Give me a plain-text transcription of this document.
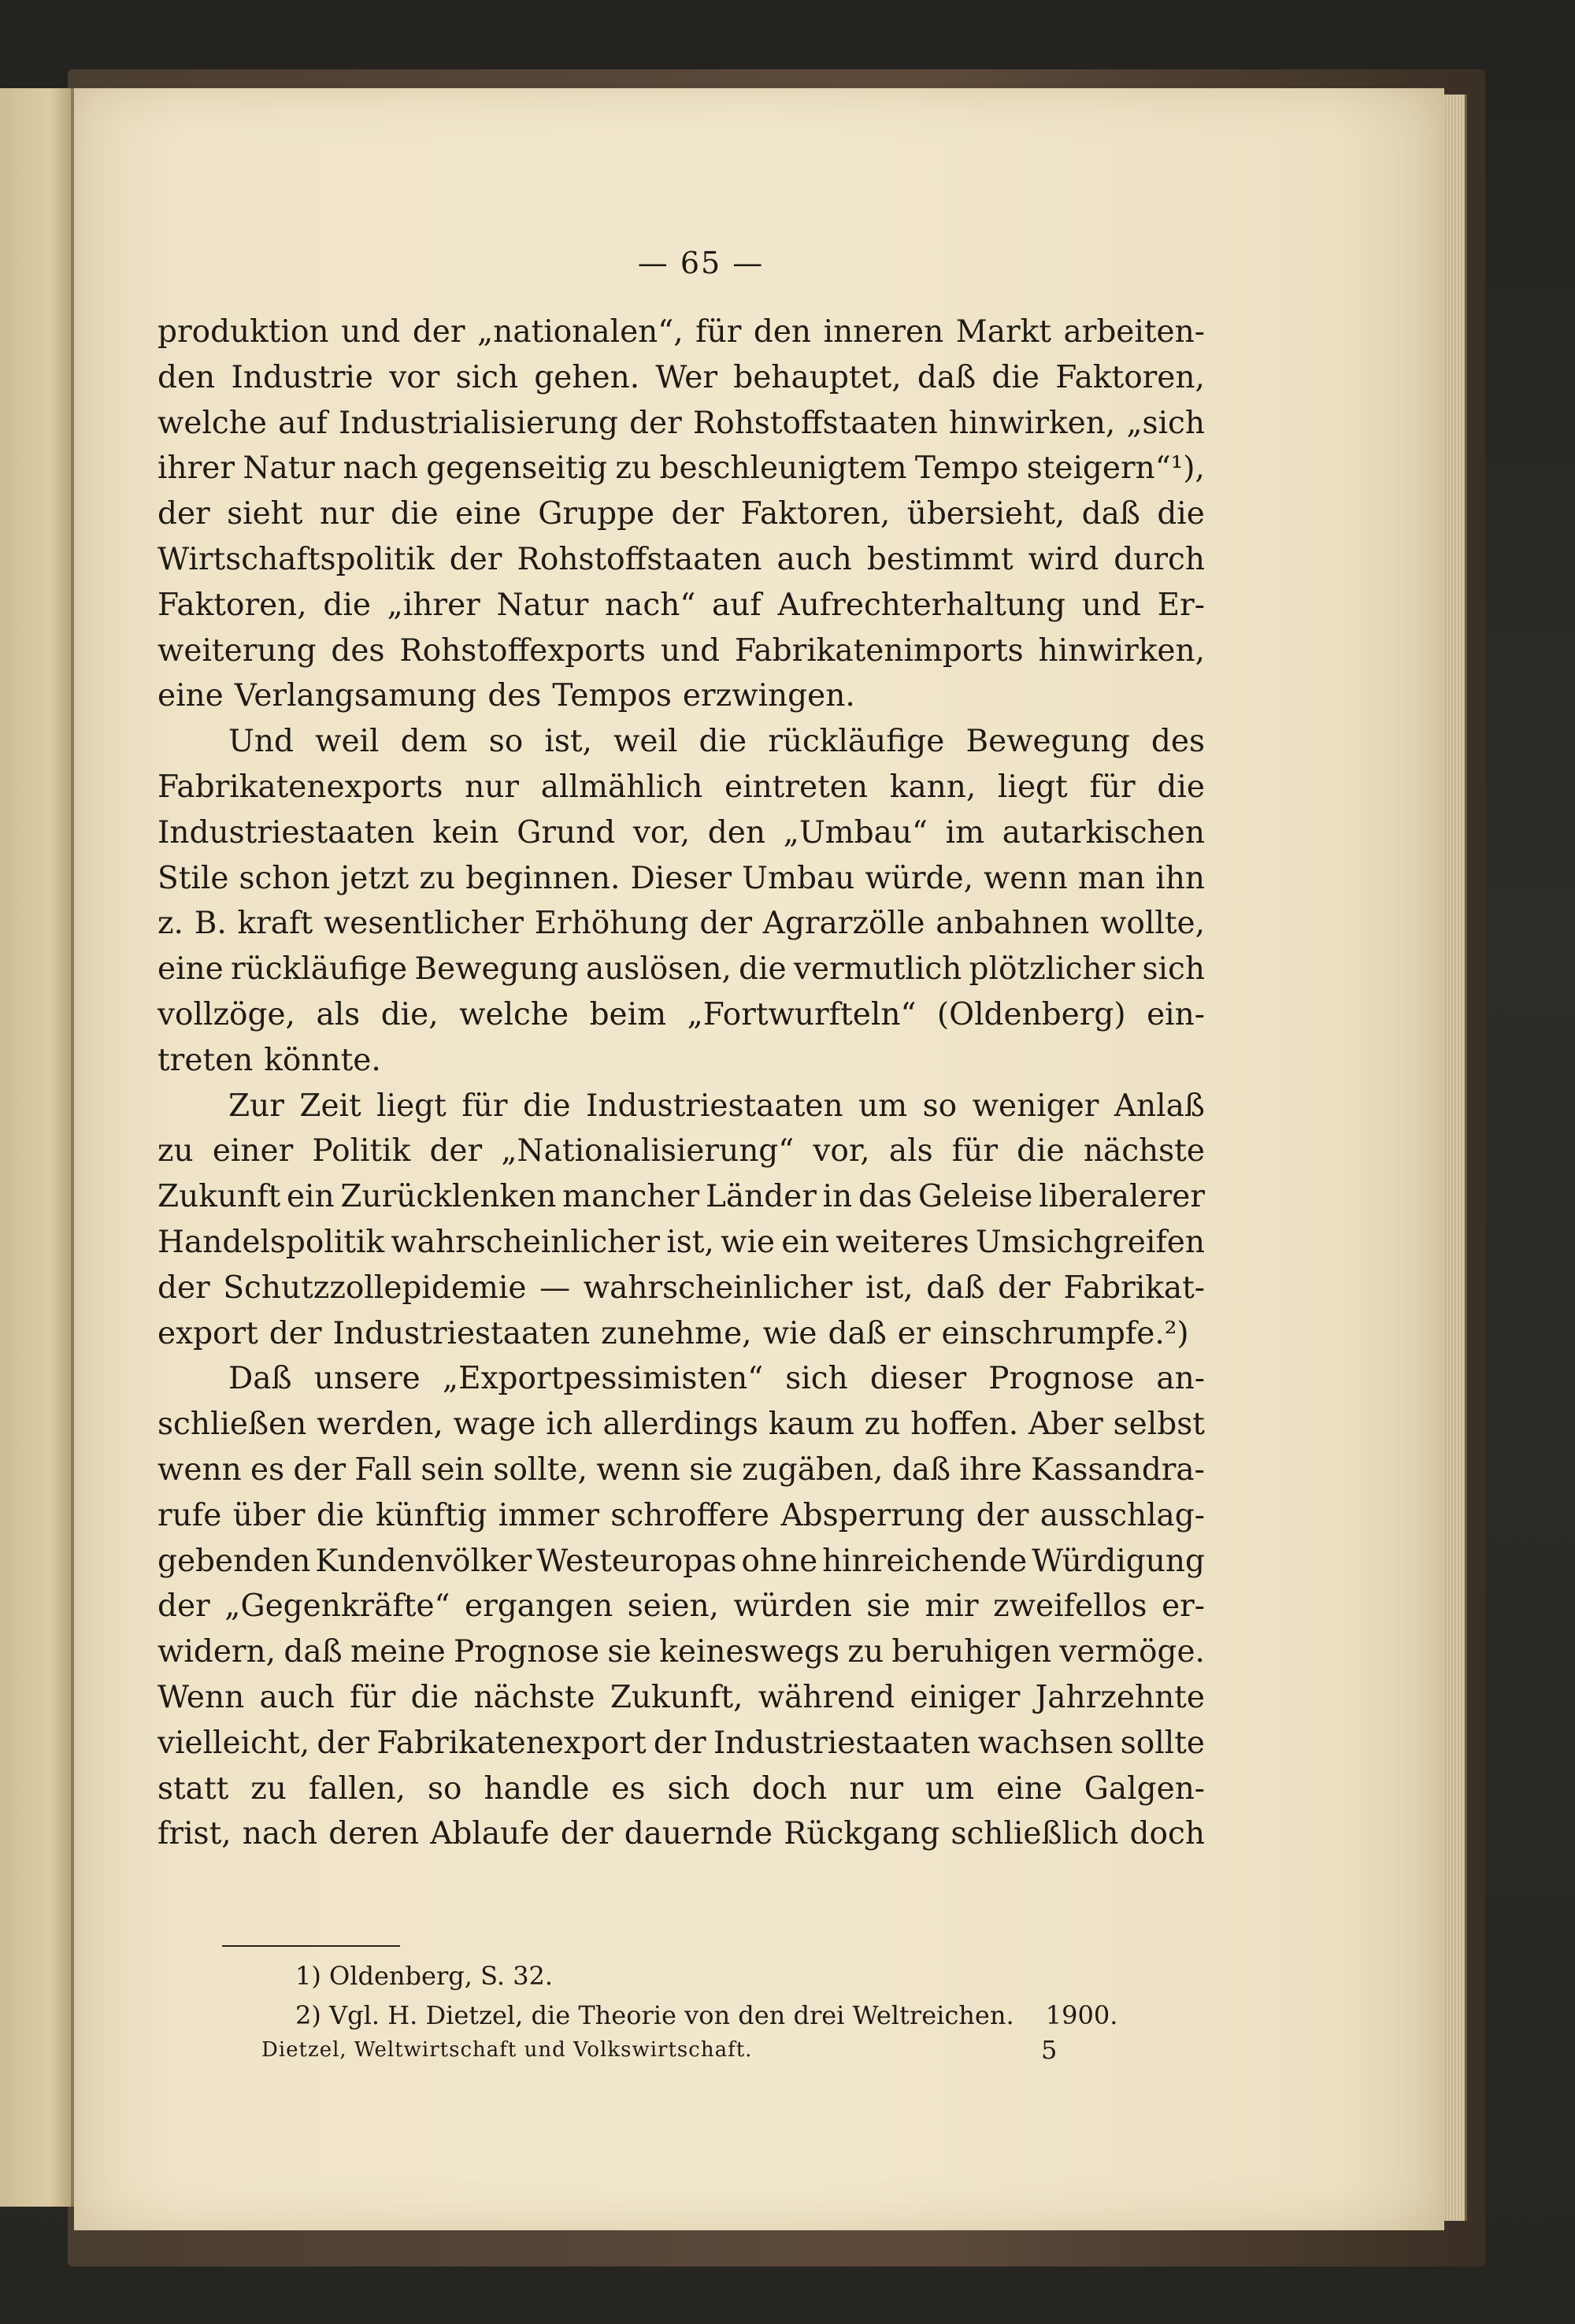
— 65 —
produktion und der „nationalen“, für den inneren Markt arbeiten-
den Industrie vor sich gehen. Wer behauptet, daß die Faktoren,
welche auf Industrialisierung der Rohstoffstaaten hinwirken, „sich
ihrer Natur nach gegenseitig zu beschleunigtem Tempo steigern“¹),
der sieht nur die eine Gruppe der Faktoren, übersieht, daß die
Wirtschaftspolitik der Rohstoffstaaten auch bestimmt wird durch
Faktoren, die „ihrer Natur nach“ auf Aufrechterhaltung und Er-
weiterung des Rohstoffexports und Fabrikatenimports hinwirken,
eine Verlangsamung des Tempos erzwingen.
Und weil dem so ist, weil die rückläufige Bewegung des
Fabrikatenexports nur allmählich eintreten kann, liegt für die
Industriestaaten kein Grund vor, den „Umbau“ im autarkischen
Stile schon jetzt zu beginnen. Dieser Umbau würde, wenn man ihn
z. B. kraft wesentlicher Erhöhung der Agrarzölle anbahnen wollte,
eine rückläufige Bewegung auslösen, die vermutlich plötzlicher sich
vollzöge, als die, welche beim „Fortwurfteln“ (Oldenberg) ein-
treten könnte.
Zur Zeit liegt für die Industriestaaten um so weniger Anlaß
zu einer Politik der „Nationalisierung“ vor, als für die nächste
Zukunft ein Zurücklenken mancher Länder in das Geleise liberalerer
Handelspolitik wahrscheinlicher ist, wie ein weiteres Umsichgreifen
der Schutzzollepidemie — wahrscheinlicher ist, daß der Fabrikat-
export der Industriestaaten zunehme, wie daß er einschrumpfe.²)
Daß unsere „Exportpessimisten“ sich dieser Prognose an-
schließen werden, wage ich allerdings kaum zu hoffen. Aber selbst
wenn es der Fall sein sollte, wenn sie zugäben, daß ihre Kassandra-
rufe über die künftig immer schroffere Absperrung der ausschlag-
gebenden Kundenvölker Westeuropas ohne hinreichende Würdigung
der „Gegenkräfte“ ergangen seien, würden sie mir zweifellos er-
widern, daß meine Prognose sie keineswegs zu beruhigen vermöge.
Wenn auch für die nächste Zukunft, während einiger Jahrzehnte
vielleicht, der Fabrikatenexport der Industriestaaten wachsen sollte
statt zu fallen, so handle es sich doch nur um eine Galgen-
frist, nach deren Ablaufe der dauernde Rückgang schließlich doch
1) Oldenberg, S. 32.
2) Vgl. H. Dietzel, die Theorie von den drei Weltreichen. 1900.
Dietzel, Weltwirtschaft und Volkswirtschaft.	5
